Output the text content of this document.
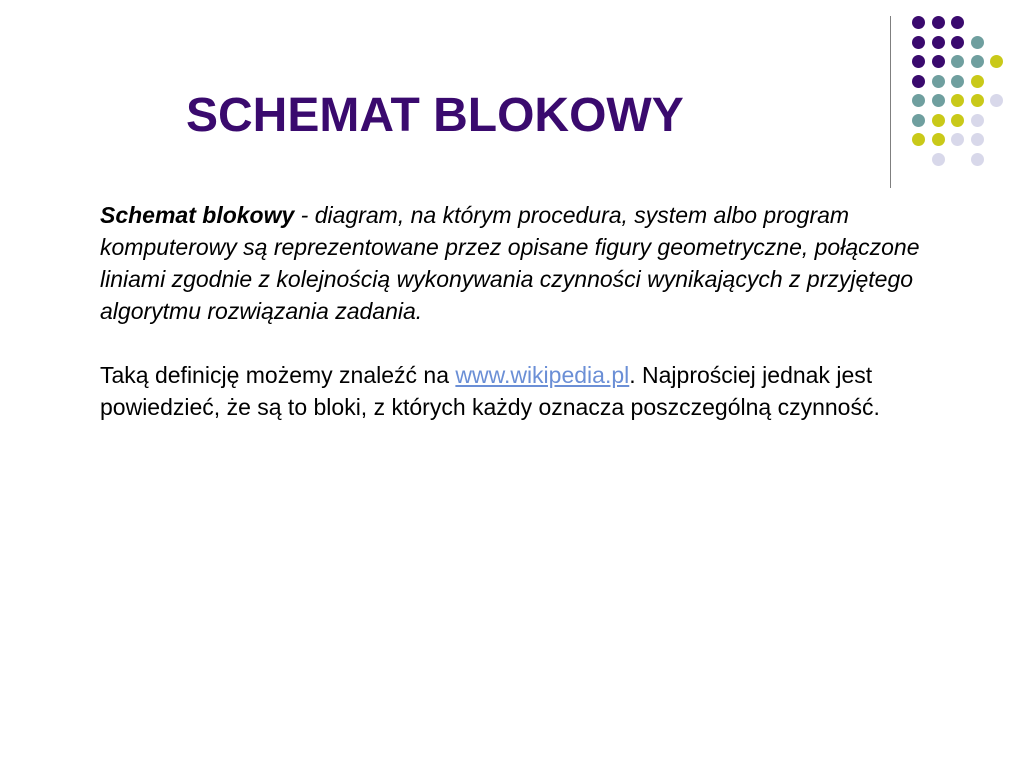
SCHEMAT BLOKOWY

Schemat blokowy - diagram, na którym procedura, system albo program komputerowy są reprezentowane przez opisane figury geometryczne, połączone liniami zgodnie z kolejnością wykonywania czynności wynikających z przyjętego algorytmu rozwiązania zadania.

Taką definicję możemy znaleźć na www.wikipedia.pl. Najprościej jednak jest powiedzieć, że są to bloki, z których każdy oznacza poszczególną czynność.
